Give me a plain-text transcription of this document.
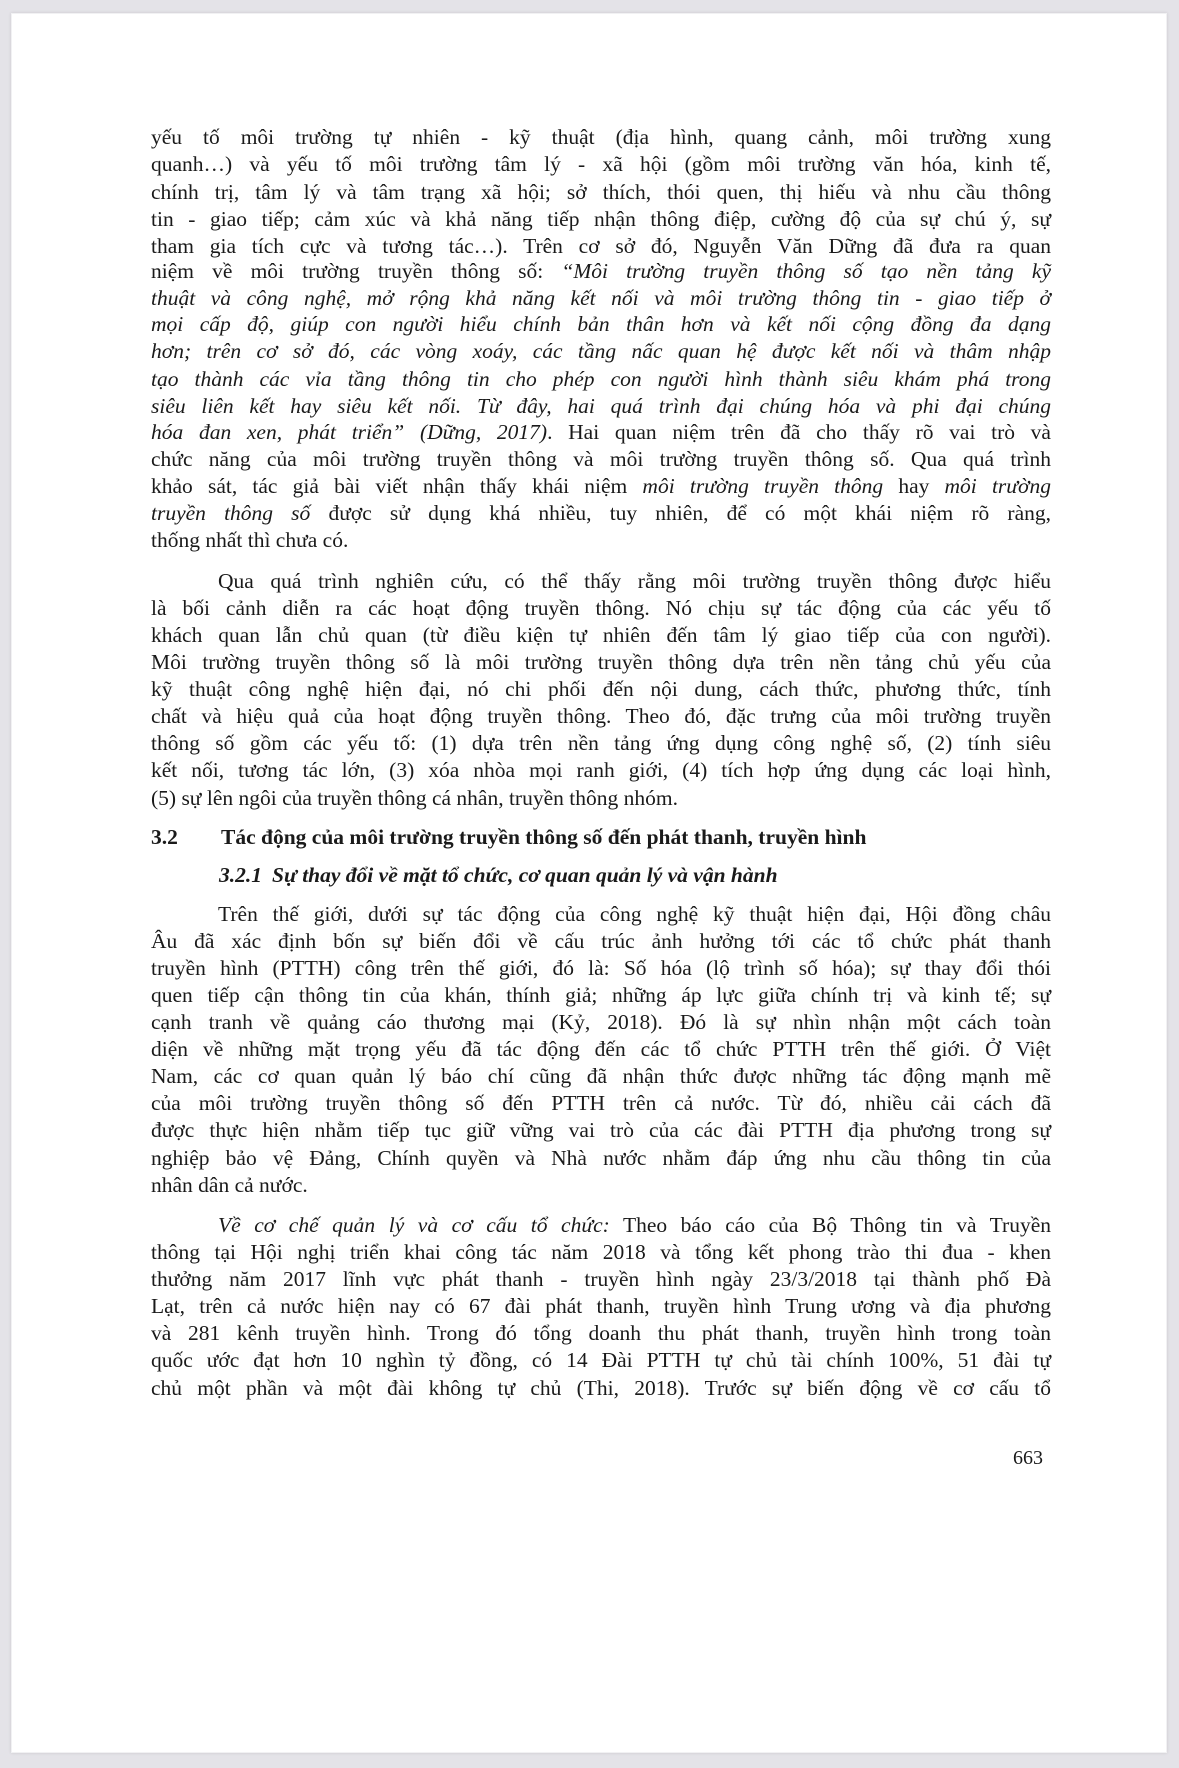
yếu tố môi trường tự nhiên - kỹ thuật (địa hình, quang cảnh, môi trường xung
quanh…) và yếu tố môi trường tâm lý - xã hội (gồm môi trường văn hóa, kinh tế,
chính trị, tâm lý và tâm trạng xã hội; sở thích, thói quen, thị hiếu và nhu cầu thông
tin - giao tiếp; cảm xúc và khả năng tiếp nhận thông điệp, cường độ của sự chú ý, sự
tham gia tích cực và tương tác…). Trên cơ sở đó, Nguyễn Văn Dững đã đưa ra quan
niệm về môi trường truyền thông số: “Môi trường truyền thông số tạo nền tảng kỹ
thuật và công nghệ, mở rộng khả năng kết nối và môi trường thông tin - giao tiếp ở
mọi cấp độ, giúp con người hiểu chính bản thân hơn và kết nối cộng đồng đa dạng
hơn; trên cơ sở đó, các vòng xoáy, các tầng nấc quan hệ được kết nối và thâm nhập
tạo thành các vỉa tầng thông tin cho phép con người hình thành siêu khám phá trong
siêu liên kết hay siêu kết nối. Từ đây, hai quá trình đại chúng hóa và phi đại chúng
hóa đan xen, phát triển” (Dững, 2017). Hai quan niệm trên đã cho thấy rõ vai trò và
chức năng của môi trường truyền thông và môi trường truyền thông số. Qua quá trình
khảo sát, tác giả bài viết nhận thấy khái niệm môi trường truyền thông hay môi trường
truyền thông số được sử dụng khá nhiều, tuy nhiên, để có một khái niệm rõ ràng,
thống nhất thì chưa có.
Qua quá trình nghiên cứu, có thể thấy rằng môi trường truyền thông được hiểu
là bối cảnh diễn ra các hoạt động truyền thông. Nó chịu sự tác động của các yếu tố
khách quan lẫn chủ quan (từ điều kiện tự nhiên đến tâm lý giao tiếp của con người).
Môi trường truyền thông số là môi trường truyền thông dựa trên nền tảng chủ yếu của
kỹ thuật công nghệ hiện đại, nó chi phối đến nội dung, cách thức, phương thức, tính
chất và hiệu quả của hoạt động truyền thông. Theo đó, đặc trưng của môi trường truyền
thông số gồm các yếu tố: (1) dựa trên nền tảng ứng dụng công nghệ số, (2) tính siêu
kết nối, tương tác lớn, (3) xóa nhòa mọi ranh giới, (4) tích hợp ứng dụng các loại hình,
(5) sự lên ngôi của truyền thông cá nhân, truyền thông nhóm.
3.2 Tác động của môi trường truyền thông số đến phát thanh, truyền hình
3.2.1 Sự thay đổi về mặt tổ chức, cơ quan quản lý và vận hành
Trên thế giới, dưới sự tác động của công nghệ kỹ thuật hiện đại, Hội đồng châu
Âu đã xác định bốn sự biến đổi về cấu trúc ảnh hưởng tới các tổ chức phát thanh
truyền hình (PTTH) công trên thế giới, đó là: Số hóa (lộ trình số hóa); sự thay đổi thói
quen tiếp cận thông tin của khán, thính giả; những áp lực giữa chính trị và kinh tế; sự
cạnh tranh về quảng cáo thương mại (Kỷ, 2018). Đó là sự nhìn nhận một cách toàn
diện về những mặt trọng yếu đã tác động đến các tổ chức PTTH trên thế giới. Ở Việt
Nam, các cơ quan quản lý báo chí cũng đã nhận thức được những tác động mạnh mẽ
của môi trường truyền thông số đến PTTH trên cả nước. Từ đó, nhiều cải cách đã
được thực hiện nhằm tiếp tục giữ vững vai trò của các đài PTTH địa phương trong sự
nghiệp bảo vệ Đảng, Chính quyền và Nhà nước nhằm đáp ứng nhu cầu thông tin của
nhân dân cả nước.
Về cơ chế quản lý và cơ cấu tổ chức: Theo báo cáo của Bộ Thông tin và Truyền
thông tại Hội nghị triển khai công tác năm 2018 và tổng kết phong trào thi đua - khen
thưởng năm 2017 lĩnh vực phát thanh - truyền hình ngày 23/3/2018 tại thành phố Đà
Lạt, trên cả nước hiện nay có 67 đài phát thanh, truyền hình Trung ương và địa phương
và 281 kênh truyền hình. Trong đó tổng doanh thu phát thanh, truyền hình trong toàn
quốc ước đạt hơn 10 nghìn tỷ đồng, có 14 Đài PTTH tự chủ tài chính 100%, 51 đài tự
chủ một phần và một đài không tự chủ (Thi, 2018). Trước sự biến động về cơ cấu tổ
663
